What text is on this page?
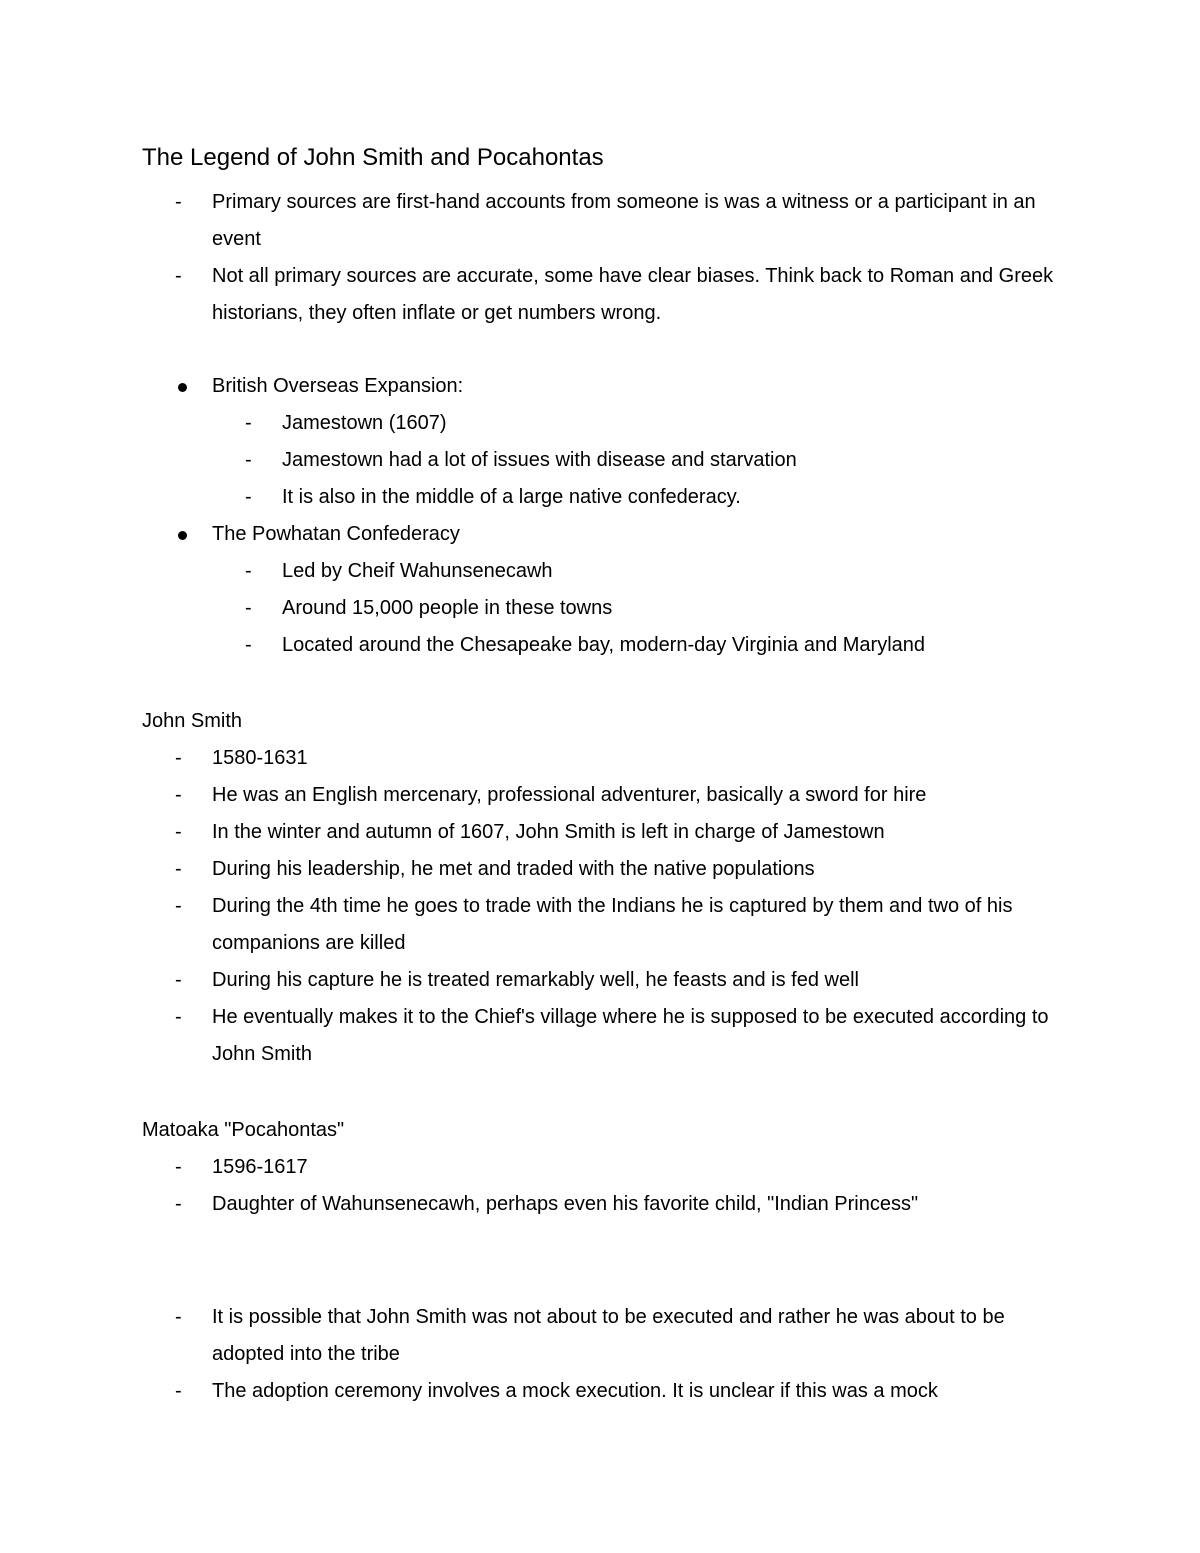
The Legend of John Smith and Pocahontas
-	Primary sources are first-hand accounts from someone is was a witness or a participant in an event
-	Not all primary sources are accurate, some have clear biases. Think back to Roman and Greek historians, they often inflate or get numbers wrong.
British Overseas Expansion:
-	Jamestown (1607)
-	Jamestown had a lot of issues with disease and starvation
-	It is also in the middle of a large native confederacy.
The Powhatan Confederacy
-	Led by Cheif Wahunsenecawh
-	Around 15,000 people in these towns
-	Located around the Chesapeake bay, modern-day Virginia and Maryland

John Smith

-	1580-1631
-	He was an English mercenary, professional adventurer, basically a sword for hire
-	In the winter and autumn of 1607, John Smith is left in charge of Jamestown
-	During his leadership, he met and traded with the native populations
-	During the 4th time he goes to trade with the Indians he is captured by them and two of his companions are killed
-	During his capture he is treated remarkably well, he feasts and is fed well
-	He eventually makes it to the Chief's village where he is supposed to be executed according to John Smith

Matoaka "Pocahontas"

-	1596-1617
-	Daughter of Wahunsenecawh, perhaps even his favorite child, "Indian Princess"
-	It is possible that John Smith was not about to be executed and rather he was about to be adopted into the tribe
-	The adoption ceremony involves a mock execution. It is unclear if this was a mock
